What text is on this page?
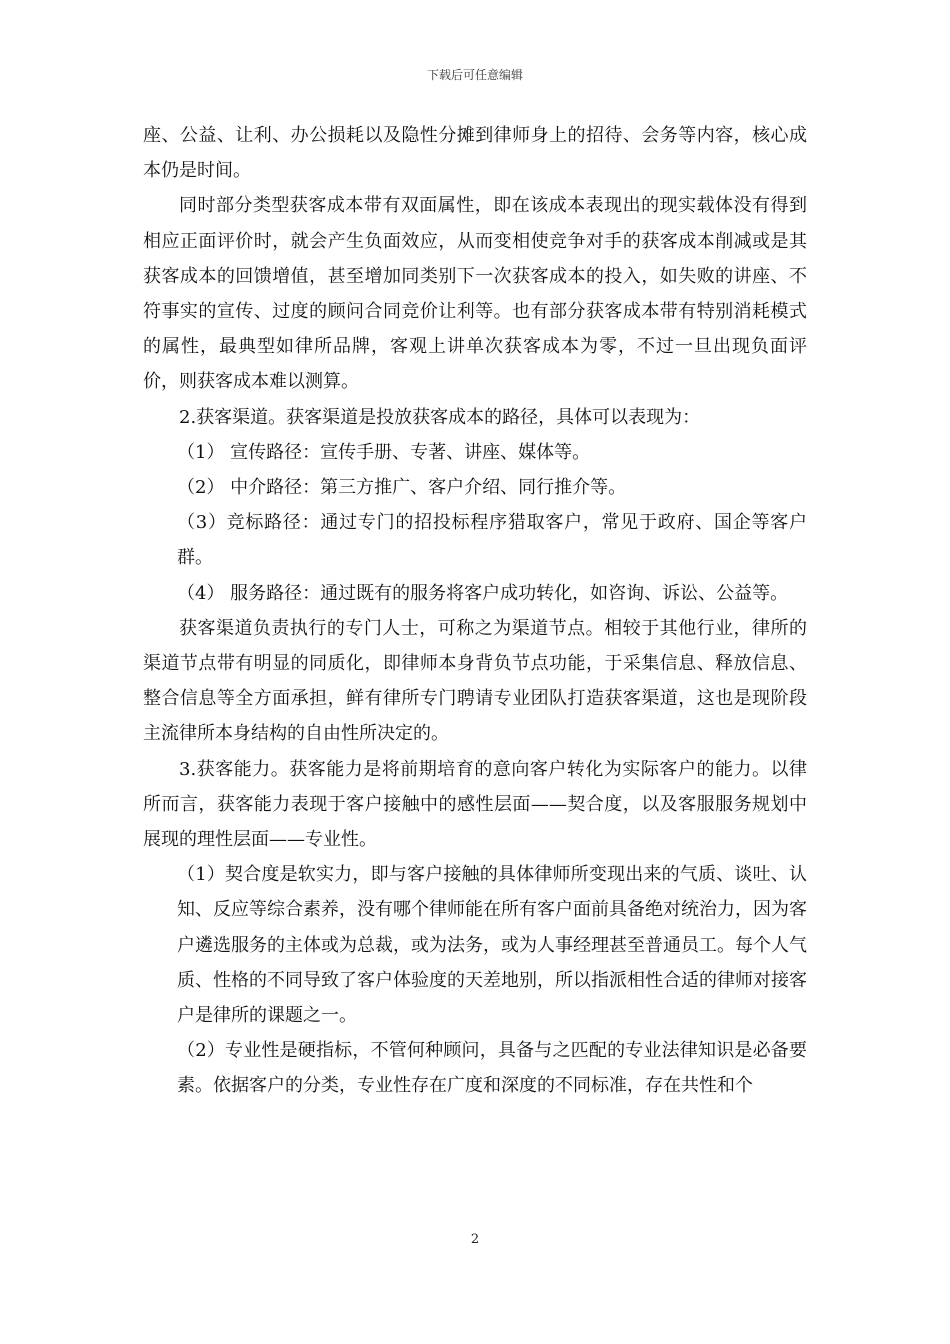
下载后可任意编辑

座、公益、让利、办公损耗以及隐性分摊到律师身上的招待、会务等内容，核心成本仍是时间。

同时部分类型获客成本带有双面属性，即在该成本表现出的现实载体没有得到相应正面评价时，就会产生负面效应，从而变相使竞争对手的获客成本削减或是其获客成本的回馈增值，甚至增加同类别下一次获客成本的投入，如失败的讲座、不符事实的宣传、过度的顾问合同竞价让利等。也有部分获客成本带有特别消耗模式的属性，最典型如律所品牌，客观上讲单次获客成本为零，不过一旦出现负面评价，则获客成本难以测算。

2.获客渠道。获客渠道是投放获客成本的路径，具体可以表现为：

（1） 宣传路径：宣传手册、专著、讲座、媒体等。

（2） 中介路径：第三方推广、客户介绍、同行推介等。

（3）竞标路径：通过专门的招投标程序猎取客户，常见于政府、国企等客户群。

（4） 服务路径：通过既有的服务将客户成功转化，如咨询、诉讼、公益等。

获客渠道负责执行的专门人士，可称之为渠道节点。相较于其他行业，律所的渠道节点带有明显的同质化，即律师本身背负节点功能，于采集信息、释放信息、整合信息等全方面承担，鲜有律所专门聘请专业团队打造获客渠道，这也是现阶段主流律所本身结构的自由性所决定的。

3.获客能力。获客能力是将前期培育的意向客户转化为实际客户的能力。以律所而言，获客能力表现于客户接触中的感性层面——契合度，以及客服服务规划中展现的理性层面——专业性。

（1）契合度是软实力，即与客户接触的具体律师所变现出来的气质、谈吐、认知、反应等综合素养，没有哪个律师能在所有客户面前具备绝对统治力，因为客户遴选服务的主体或为总裁，或为法务，或为人事经理甚至普通员工。每个人气质、性格的不同导致了客户体验度的天差地别，所以指派相性合适的律师对接客户是律所的课题之一。

（2）专业性是硬指标，不管何种顾问，具备与之匹配的专业法律知识是必备要素。依据客户的分类，专业性存在广度和深度的不同标准，存在共性和个

2
